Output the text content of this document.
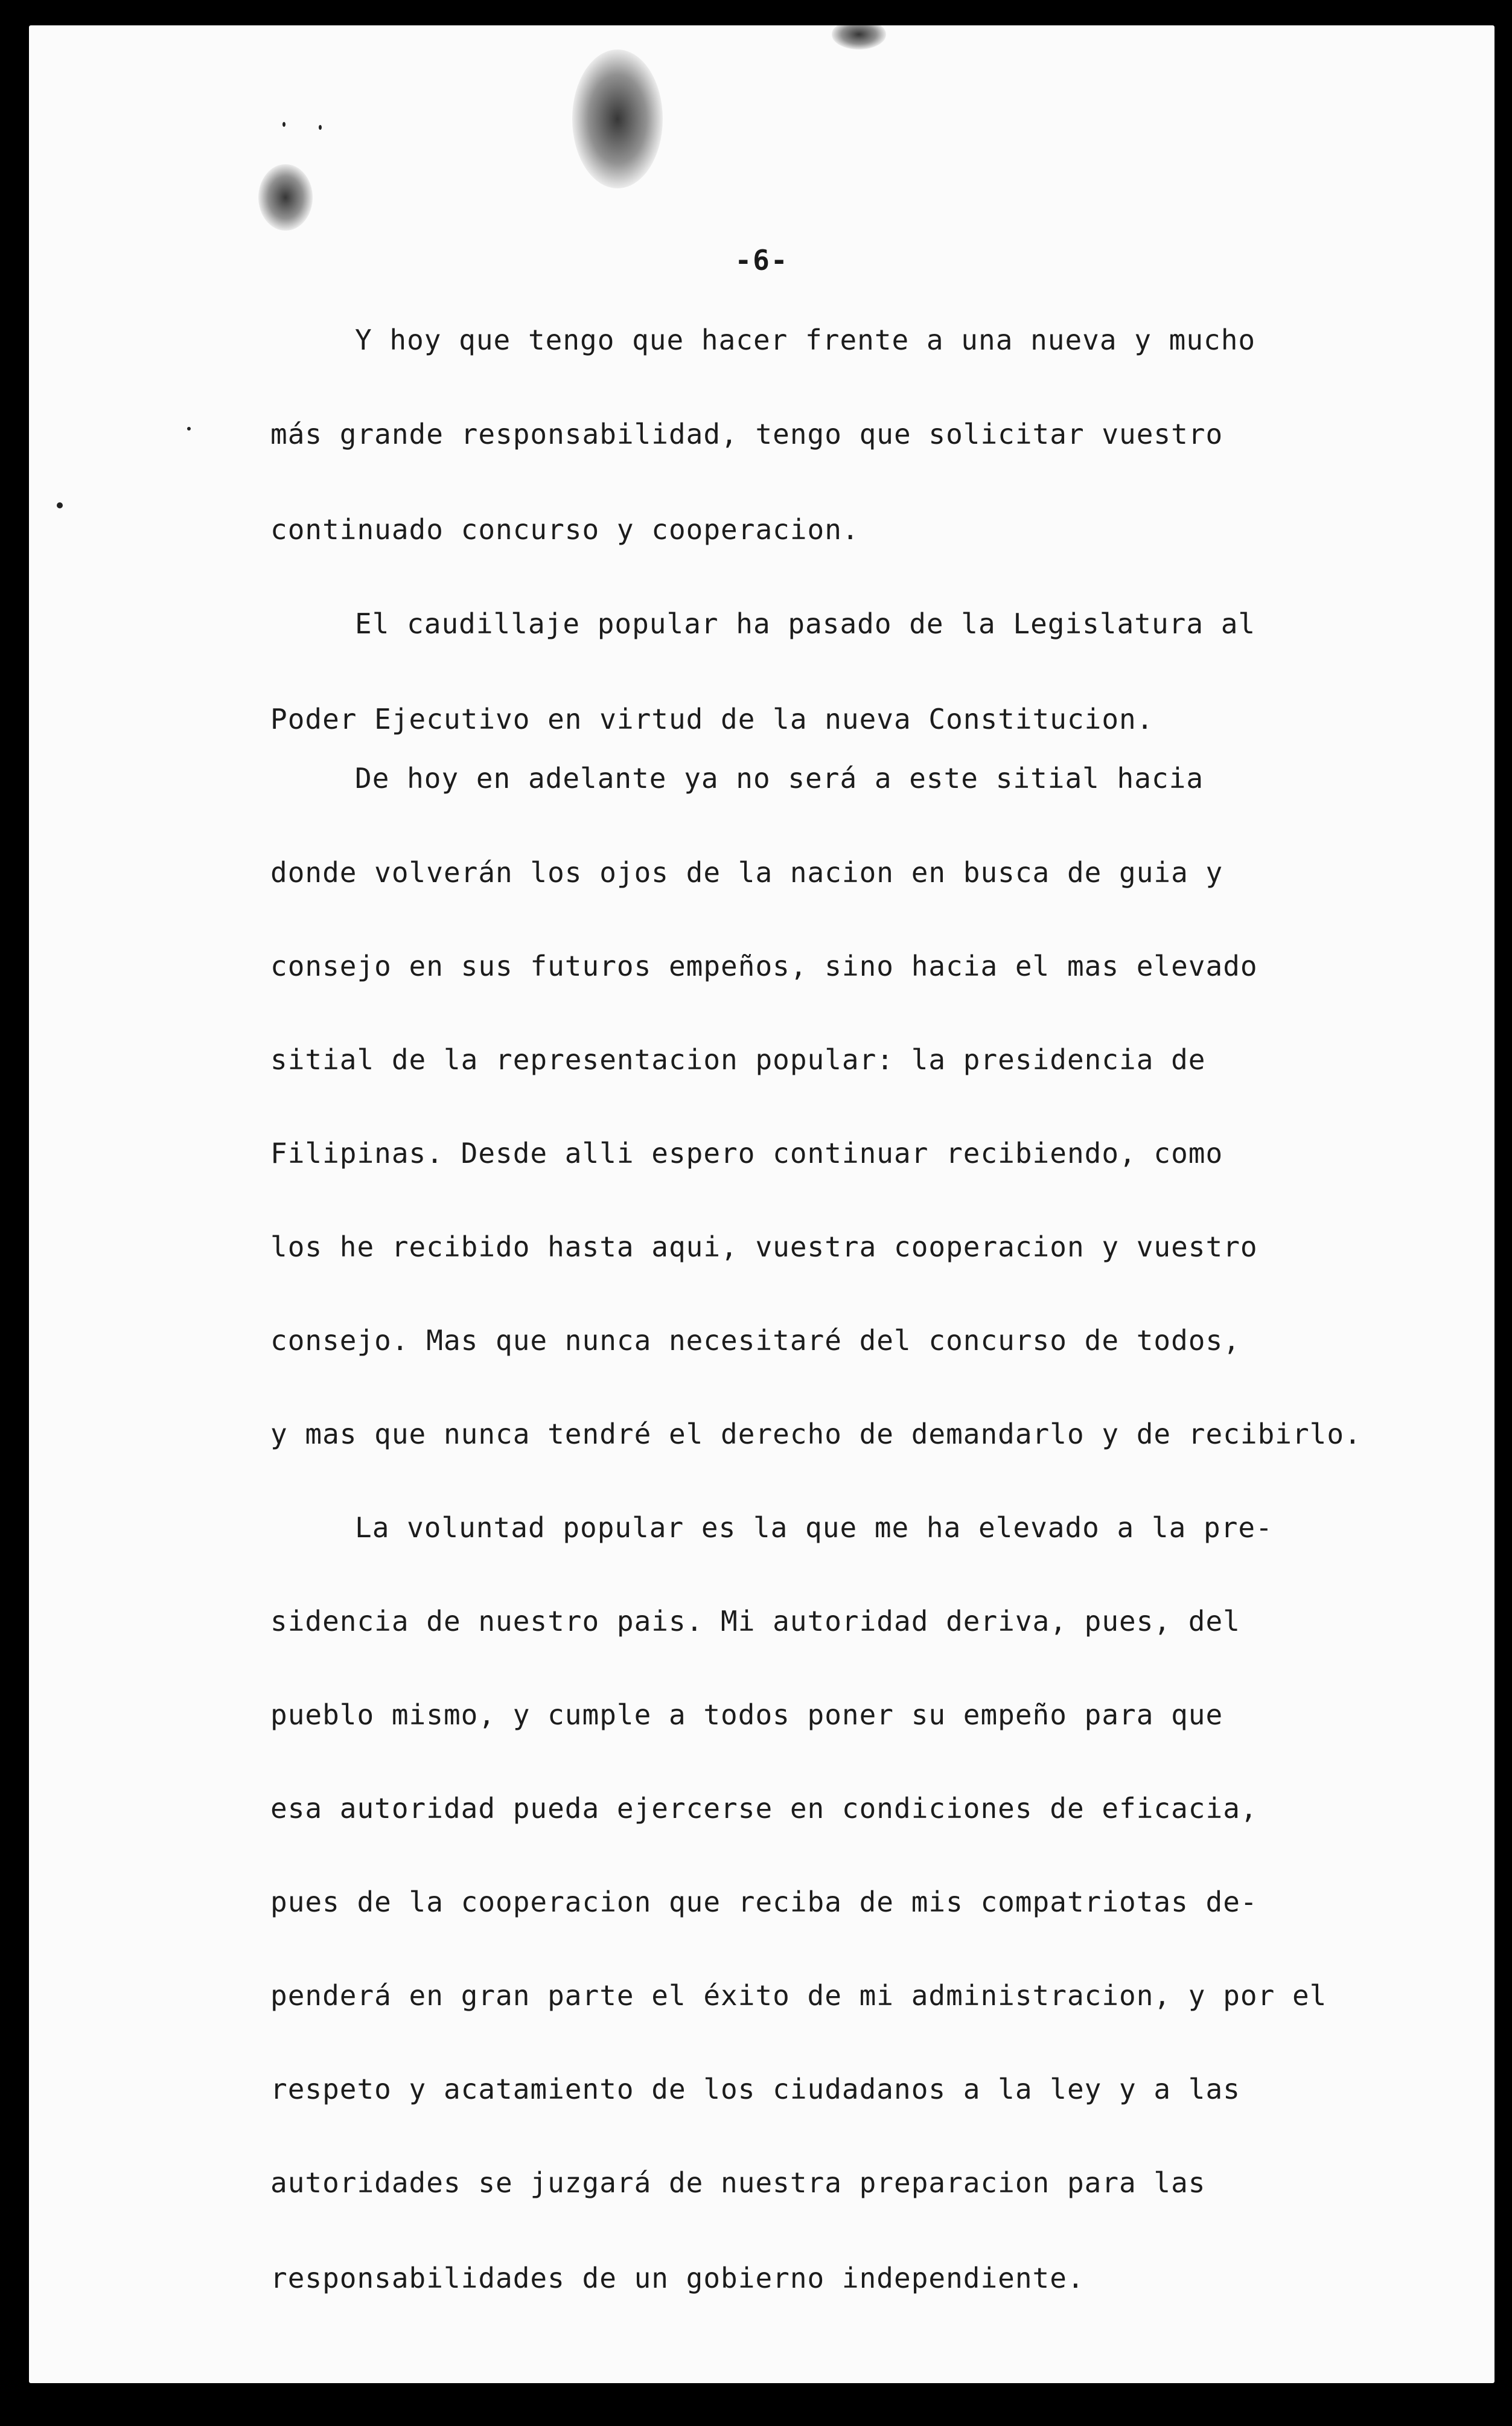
-6-
Y hoy que tengo que hacer frente a una nueva y mucho
más grande responsabilidad, tengo que solicitar vuestro
continuado concurso y cooperacion.
El caudillaje popular ha pasado de la Legislatura al
Poder Ejecutivo en virtud de la nueva Constitucion.
De hoy en adelante ya no será a este sitial hacia
donde volverán los ojos de la nacion en busca de guia y
consejo en sus futuros empeños, sino hacia el mas elevado
sitial de la representacion popular: la presidencia de
Filipinas. Desde alli espero continuar recibiendo, como
los he recibido hasta aqui, vuestra cooperacion y vuestro
consejo. Mas que nunca necesitaré del concurso de todos,
y mas que nunca tendré el derecho de demandarlo y de recibirlo.
La voluntad popular es la que me ha elevado a la pre-
sidencia de nuestro pais. Mi autoridad deriva, pues, del
pueblo mismo, y cumple a todos poner su empeño para que
esa autoridad pueda ejercerse en condiciones de eficacia,
pues de la cooperacion que reciba de mis compatriotas de-
penderá en gran parte el éxito de mi administracion, y por el
respeto y acatamiento de los ciudadanos a la ley y a las
autoridades se juzgará de nuestra preparacion para las
responsabilidades de un gobierno independiente.
